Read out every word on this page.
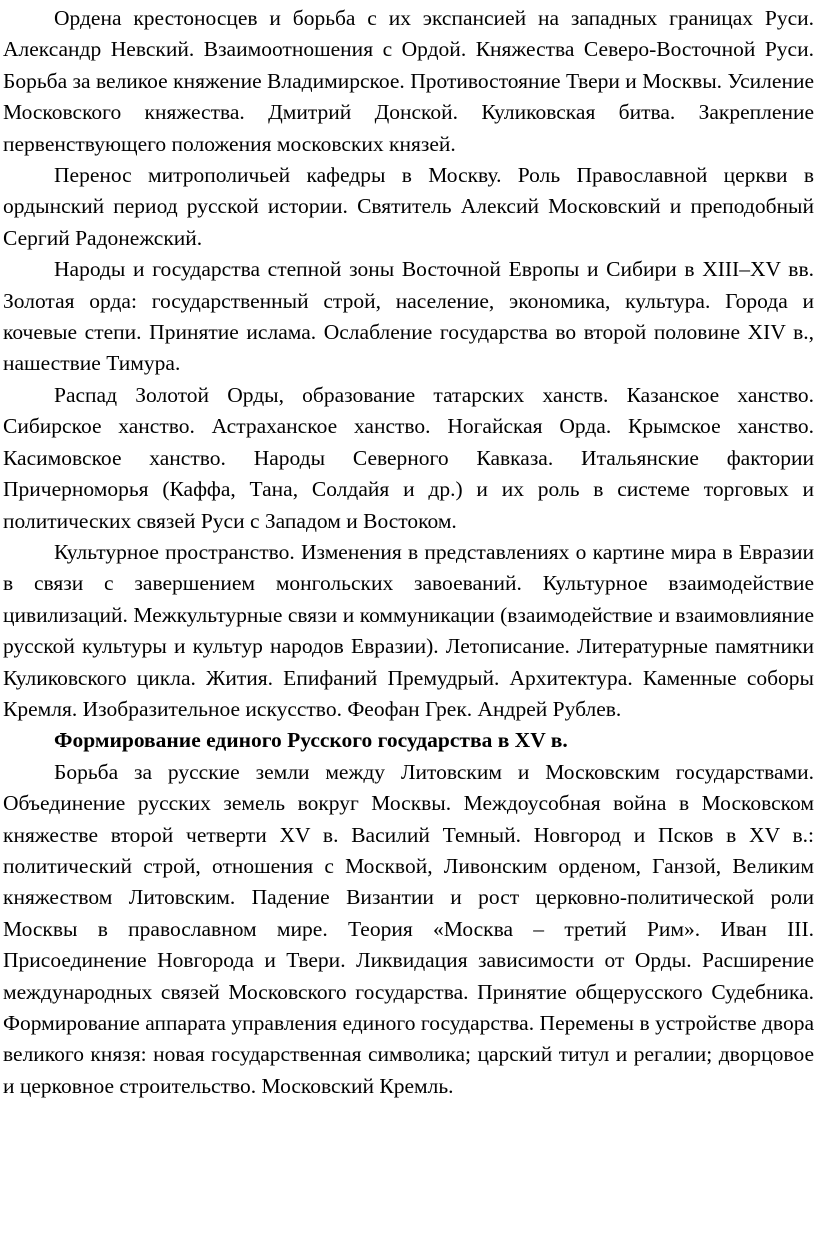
Ордена крестоносцев и борьба с их экспансией на западных границах Руси. Александр Невский. Взаимоотношения с Ордой. Княжества Северо-Восточной Руси. Борьба за великое княжение Владимирское. Противостояние Твери и Москвы. Усиление Московского княжества. Дмитрий Донской. Куликовская битва. Закрепление первенствующего положения московских князей.

Перенос митрополичьей кафедры в Москву. Роль Православной церкви в ордынский период русской истории. Святитель Алексий Московский и преподобный Сергий Радонежский.

Народы и государства степной зоны Восточной Европы и Сибири в XIII–XV вв. Золотая орда: государственный строй, население, экономика, культура. Города и кочевые степи. Принятие ислама. Ослабление государства во второй половине XIV в., нашествие Тимура.

Распад Золотой Орды, образование татарских ханств. Казанское ханство. Сибирское ханство. Астраханское ханство. Ногайская Орда. Крымское ханство. Касимовское ханство. Народы Северного Кавказа. Итальянские фактории Причерноморья (Каффа, Тана, Солдайя и др.) и их роль в системе торговых и политических связей Руси с Западом и Востоком.

Культурное пространство. Изменения в представлениях о картине мира в Евразии в связи с завершением монгольских завоеваний. Культурное взаимодействие цивилизаций. Межкультурные связи и коммуникации (взаимодействие и взаимовлияние русской культуры и культур народов Евразии). Летописание. Литературные памятники Куликовского цикла. Жития. Епифаний Премудрый. Архитектура. Каменные соборы Кремля. Изобразительное искусство. Феофан Грек. Андрей Рублев.

Формирование единого Русского государства в XV в.

Борьба за русские земли между Литовским и Московским государствами. Объединение русских земель вокруг Москвы. Междоусобная война в Московском княжестве второй четверти XV в. Василий Темный. Новгород и Псков в XV в.: политический строй, отношения с Москвой, Ливонским орденом, Ганзой, Великим княжеством Литовским. Падение Византии и рост церковно-политической роли Москвы в православном мире. Теория «Москва – третий Рим». Иван III. Присоединение Новгорода и Твери. Ликвидация зависимости от Орды. Расширение международных связей Московского государства. Принятие общерусского Судебника. Формирование аппарата управления единого государства. Перемены в устройстве двора великого князя: новая государственная символика; царский титул и регалии; дворцовое и церковное строительство. Московский Кремль.
